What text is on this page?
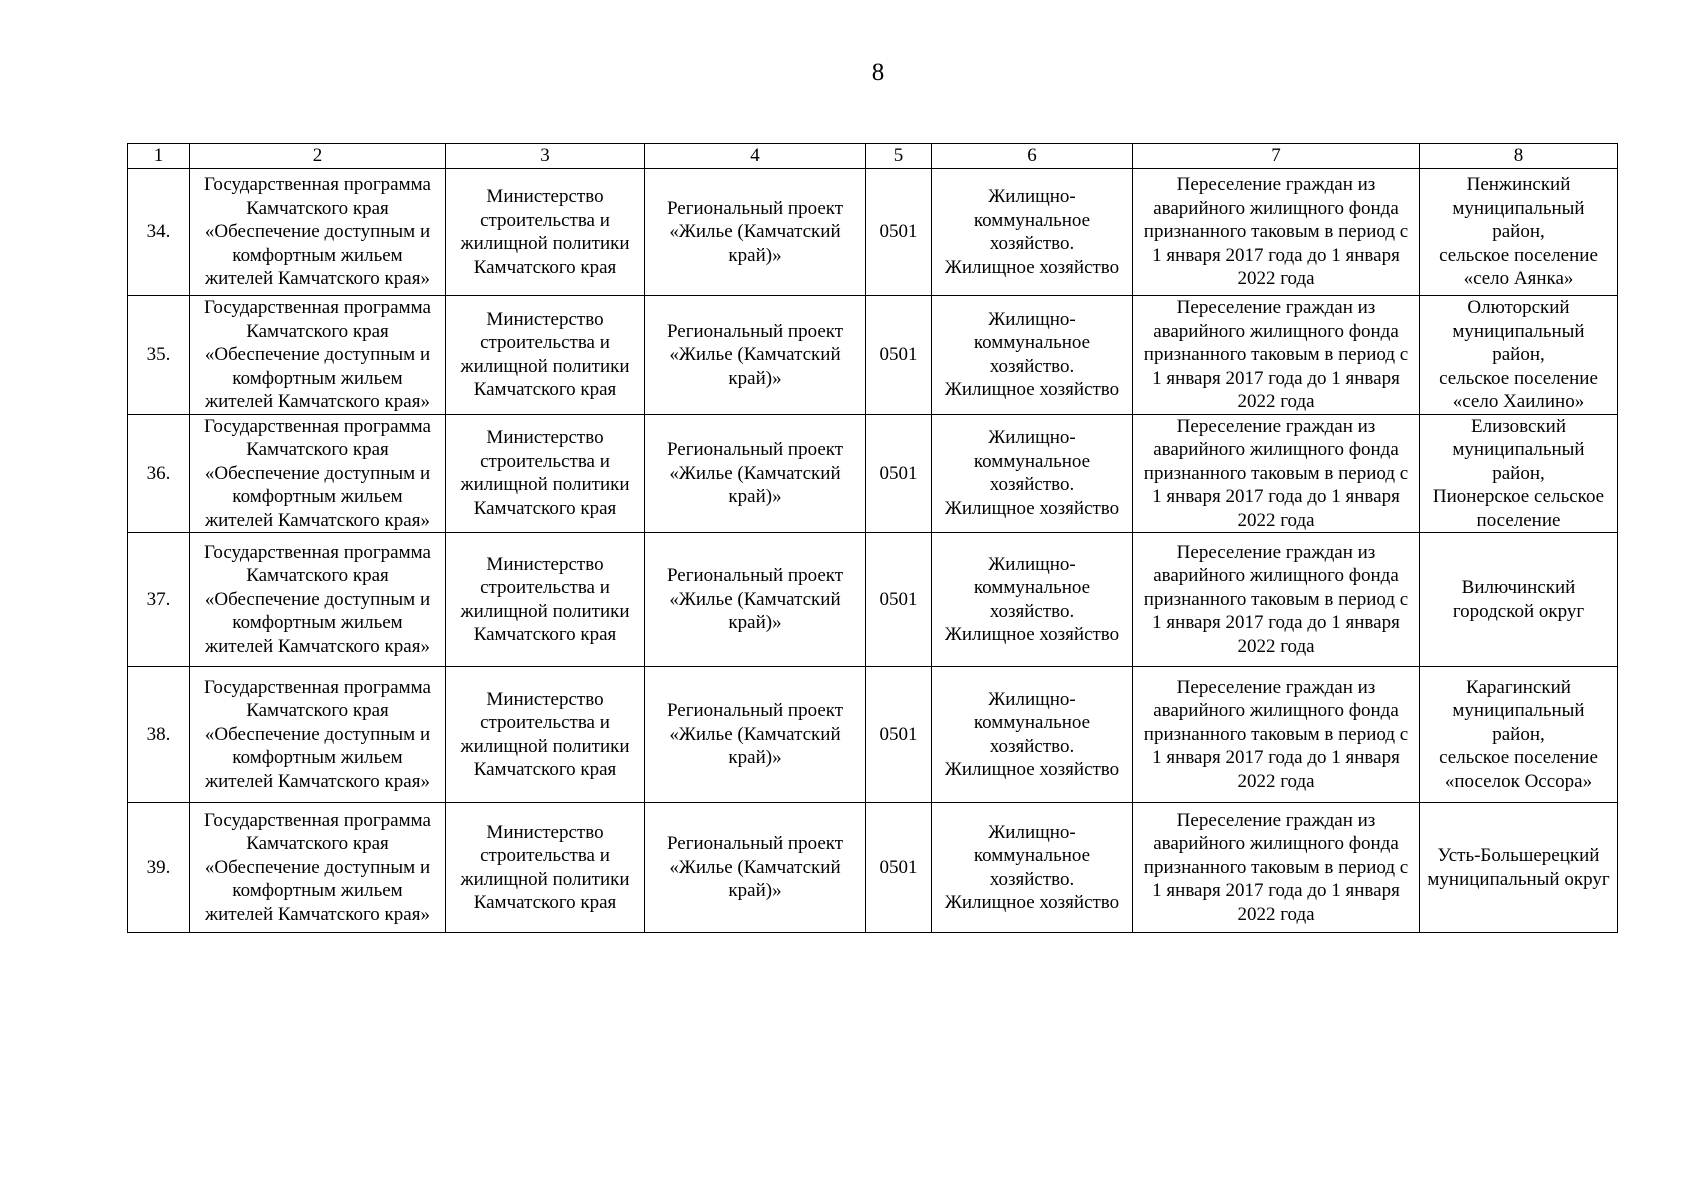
8
1	2	3	4	5	6	7	8
34.	Государственная программа
Камчатского края
«Обеспечение доступным и
комфортным жильем
жителей Камчатского края»	Министерство
строительства и
жилищной политики
Камчатского края	Региональный проект
«Жилье (Камчатский
край)»	0501	Жилищно-
коммунальное
хозяйство.
Жилищное хозяйство	Переселение граждан из
аварийного жилищного фонда
признанного таковым в период с
1 января 2017 года до 1 января
2022 года	Пенжинский
муниципальный
район,
сельское поселение
«село Аянка»

35.	Государственная программа
Камчатского края
«Обеспечение доступным и
комфортным жильем
жителей Камчатского края»	Министерство
строительства и
жилищной политики
Камчатского края	Региональный проект
«Жилье (Камчатский
край)»	0501	Жилищно-
коммунальное
хозяйство.
Жилищное хозяйство	Переселение граждан из
аварийного жилищного фонда
признанного таковым в период с
1 января 2017 года до 1 января
2022 года	Олюторский
муниципальный
район,
сельское поселение
«село Хаилино»

36.	Государственная программа
Камчатского края
«Обеспечение доступным и
комфортным жильем
жителей Камчатского края»	Министерство
строительства и
жилищной политики
Камчатского края	Региональный проект
«Жилье (Камчатский
край)»	0501	Жилищно-
коммунальное
хозяйство.
Жилищное хозяйство	Переселение граждан из
аварийного жилищного фонда
признанного таковым в период с
1 января 2017 года до 1 января
2022 года	Елизовский
муниципальный
район,
Пионерское сельское
поселение

37.	Государственная программа
Камчатского края
«Обеспечение доступным и
комфортным жильем
жителей Камчатского края»	Министерство
строительства и
жилищной политики
Камчатского края	Региональный проект
«Жилье (Камчатский
край)»	0501	Жилищно-
коммунальное
хозяйство.
Жилищное хозяйство	Переселение граждан из
аварийного жилищного фонда
признанного таковым в период с
1 января 2017 года до 1 января
2022 года	Вилючинский
городской округ

38.	Государственная программа
Камчатского края
«Обеспечение доступным и
комфортным жильем
жителей Камчатского края»	Министерство
строительства и
жилищной политики
Камчатского края	Региональный проект
«Жилье (Камчатский
край)»	0501	Жилищно-
коммунальное
хозяйство.
Жилищное хозяйство	Переселение граждан из
аварийного жилищного фонда
признанного таковым в период с
1 января 2017 года до 1 января
2022 года	Карагинский
муниципальный
район,
сельское поселение
«поселок Оссора»

39.	Государственная программа
Камчатского края
«Обеспечение доступным и
комфортным жильем
жителей Камчатского края»	Министерство
строительства и
жилищной политики
Камчатского края	Региональный проект
«Жилье (Камчатский
край)»	0501	Жилищно-
коммунальное
хозяйство.
Жилищное хозяйство	Переселение граждан из
аварийного жилищного фонда
признанного таковым в период с
1 января 2017 года до 1 января
2022 года	Усть-Большерецкий
муниципальный округ
